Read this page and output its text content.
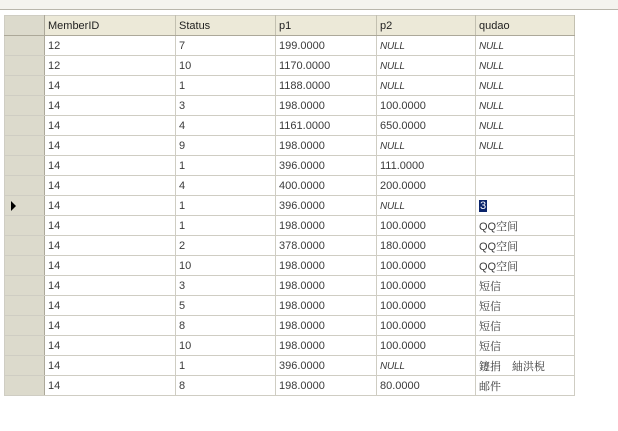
	MemberID	Status	p1	p2	qudao
	12	7	199.0000	NULL	NULL
	12	10	1170.0000	NULL	NULL
	14	1	1188.0000	NULL	NULL
	14	3	198.0000	100.0000	NULL
	14	4	1161.0000	650.0000	NULL
	14	9	198.0000	NULL	NULL
	14	1	396.0000	111.0000	
	14	4	400.0000	200.0000	

	14	1	396.0000	NULL	3
	14	1	198.0000	100.0000	QQ空间
	14	2	378.0000	180.0000	QQ空间
	14	10	198.0000	100.0000	QQ空间
	14	3	198.0000	100.0000	短信
	14	5	198.0000	100.0000	短信
	14	8	198.0000	100.0000	短信
	14	10	198.0000	100.0000	短信
	14	1	396.0000	NULL	鑳捐　紬洪棿
	14	8	198.0000	80.0000	邮件
